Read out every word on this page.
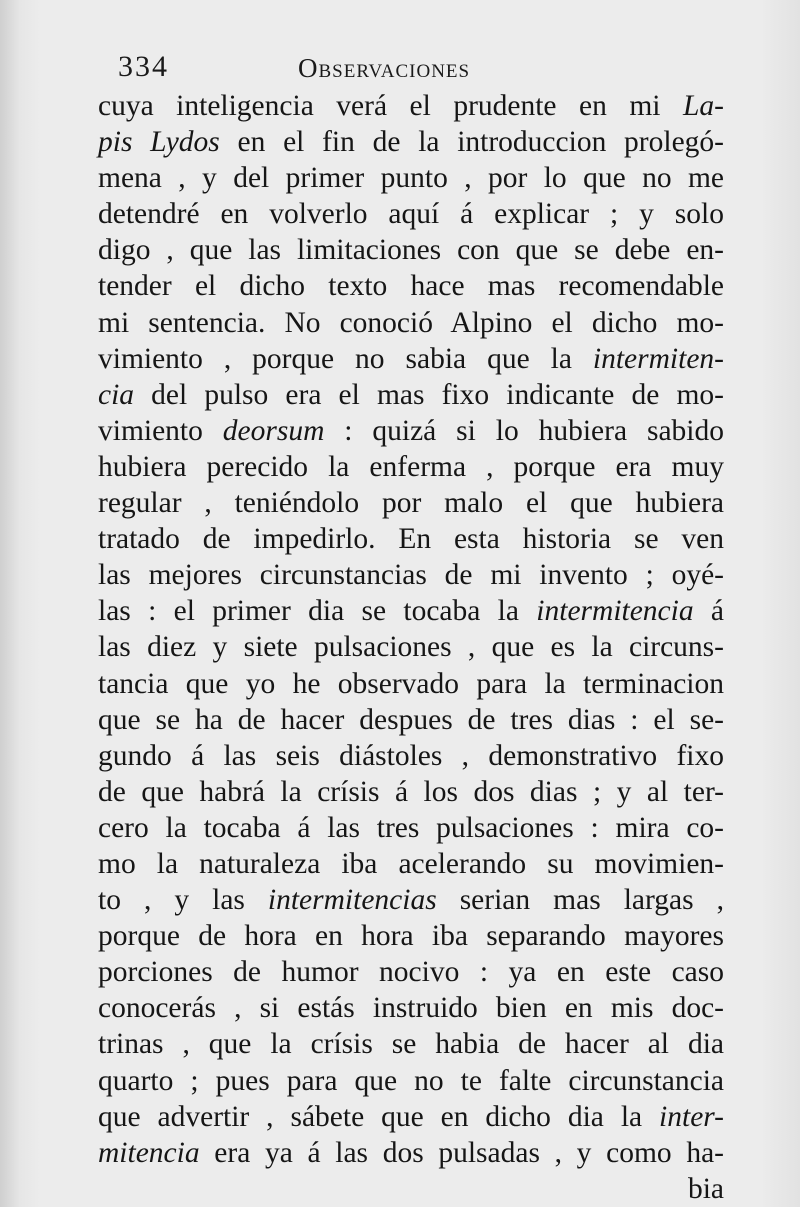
334	Observaciones
cuya inteligencia verá el prudente en mi La-
pis Lydos en el fin de la introduccion prolegó-
mena , y del primer punto , por lo que no me
detendré en volverlo aquí á explicar ; y solo
digo , que las limitaciones con que se debe en-
tender el dicho texto hace mas recomendable
mi sentencia. No conoció Alpino el dicho mo-
vimiento , porque no sabia que la intermiten-
cia del pulso era el mas fixo indicante de mo-
vimiento deorsum : quizá si lo hubiera sabido
hubiera perecido la enferma , porque era muy
regular , teniéndolo por malo el que hubiera
tratado de impedirlo. En esta historia se ven
las mejores circunstancias de mi invento ; oyé-
las : el primer dia se tocaba la intermitencia á
las diez y siete pulsaciones , que es la circuns-
tancia que yo he observado para la terminacion
que se ha de hacer despues de tres dias : el se-
gundo á las seis diástoles , demonstrativo fixo
de que habrá la crísis á los dos dias ; y al ter-
cero la tocaba á las tres pulsaciones : mira co-
mo la naturaleza iba acelerando su movimien-
to , y las intermitencias serian mas largas ,
porque de hora en hora iba separando mayores
porciones de humor nocivo : ya en este caso
conocerás , si estás instruido bien en mis doc-
trinas , que la crísis se habia de hacer al dia
quarto ; pues para que no te falte circunstancia
que advertir , sábete que en dicho dia la inter-
mitencia era ya á las dos pulsadas , y como ha-
bia
